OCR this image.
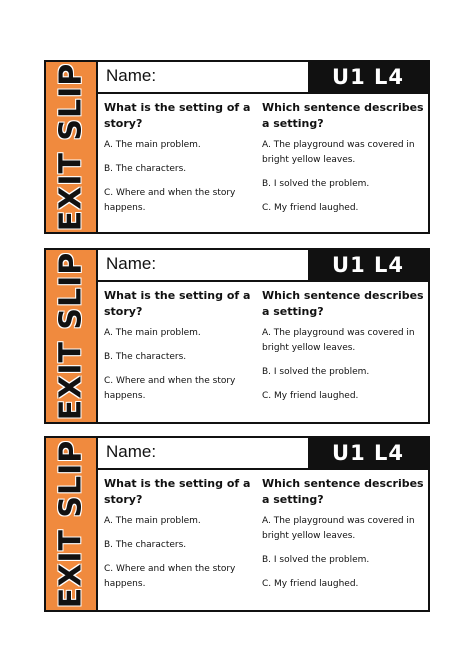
EXIT SLIP Name:	U1 L4
What is the setting of a story?
A. The main problem.
B. The characters.
C. Where and when the story happens.
Which sentence describes a setting?
A. The playground was covered in bright yellow leaves.
B. I solved the problem.
C. My friend laughed.
EXIT SLIP Name:	U1 L4
What is the setting of a story?
A. The main problem.
B. The characters.
C. Where and when the story happens.
Which sentence describes a setting?
A. The playground was covered in bright yellow leaves.
B. I solved the problem.
C. My friend laughed.
EXIT SLIP Name:	U1 L4
What is the setting of a story?
A. The main problem.
B. The characters.
C. Where and when the story happens.
Which sentence describes a setting?
A. The playground was covered in bright yellow leaves.
B. I solved the problem.
C. My friend laughed.
